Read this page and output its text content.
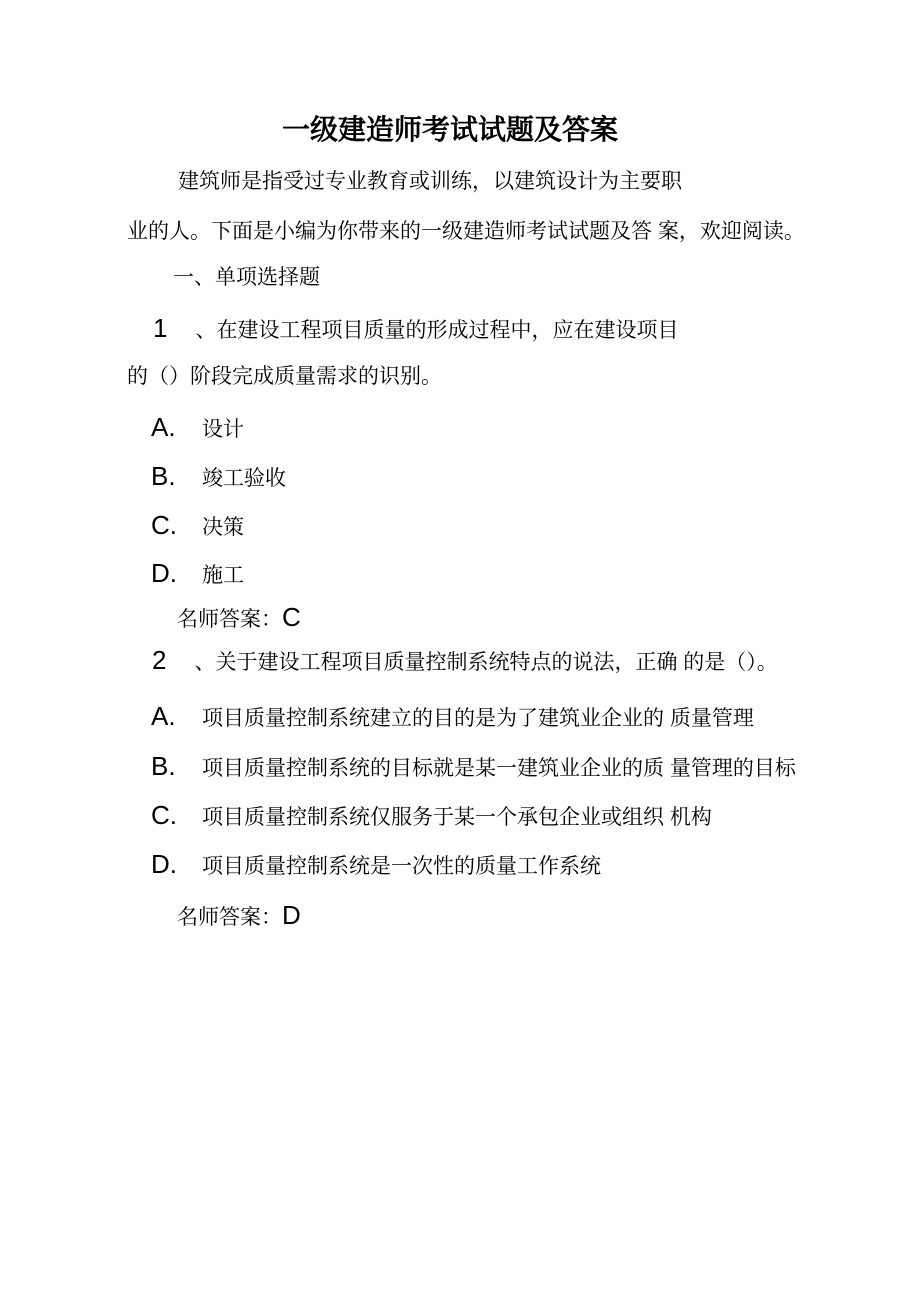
一级建造师考试试题及答案
建筑师是指受过专业教育或训练，以建筑设计为主要职
业的人。下面是小编为你带来的一级建造师考试试题及答 案，欢迎阅读。
一、单项选择题
1 、在建设工程项目质量的形成过程中，应在建设项目
的（）阶段完成质量需求的识别。
A. 设计
B. 竣工验收
C. 决策
D. 施工
名师答案：C
2 、关于建设工程项目质量控制系统特点的说法，正确 的是（）。
A. 项目质量控制系统建立的目的是为了建筑业企业的 质量管理
B. 项目质量控制系统的目标就是某一建筑业企业的质 量管理的目标
C. 项目质量控制系统仅服务于某一个承包企业或组织 机构
D. 项目质量控制系统是一次性的质量工作系统
名师答案：D
